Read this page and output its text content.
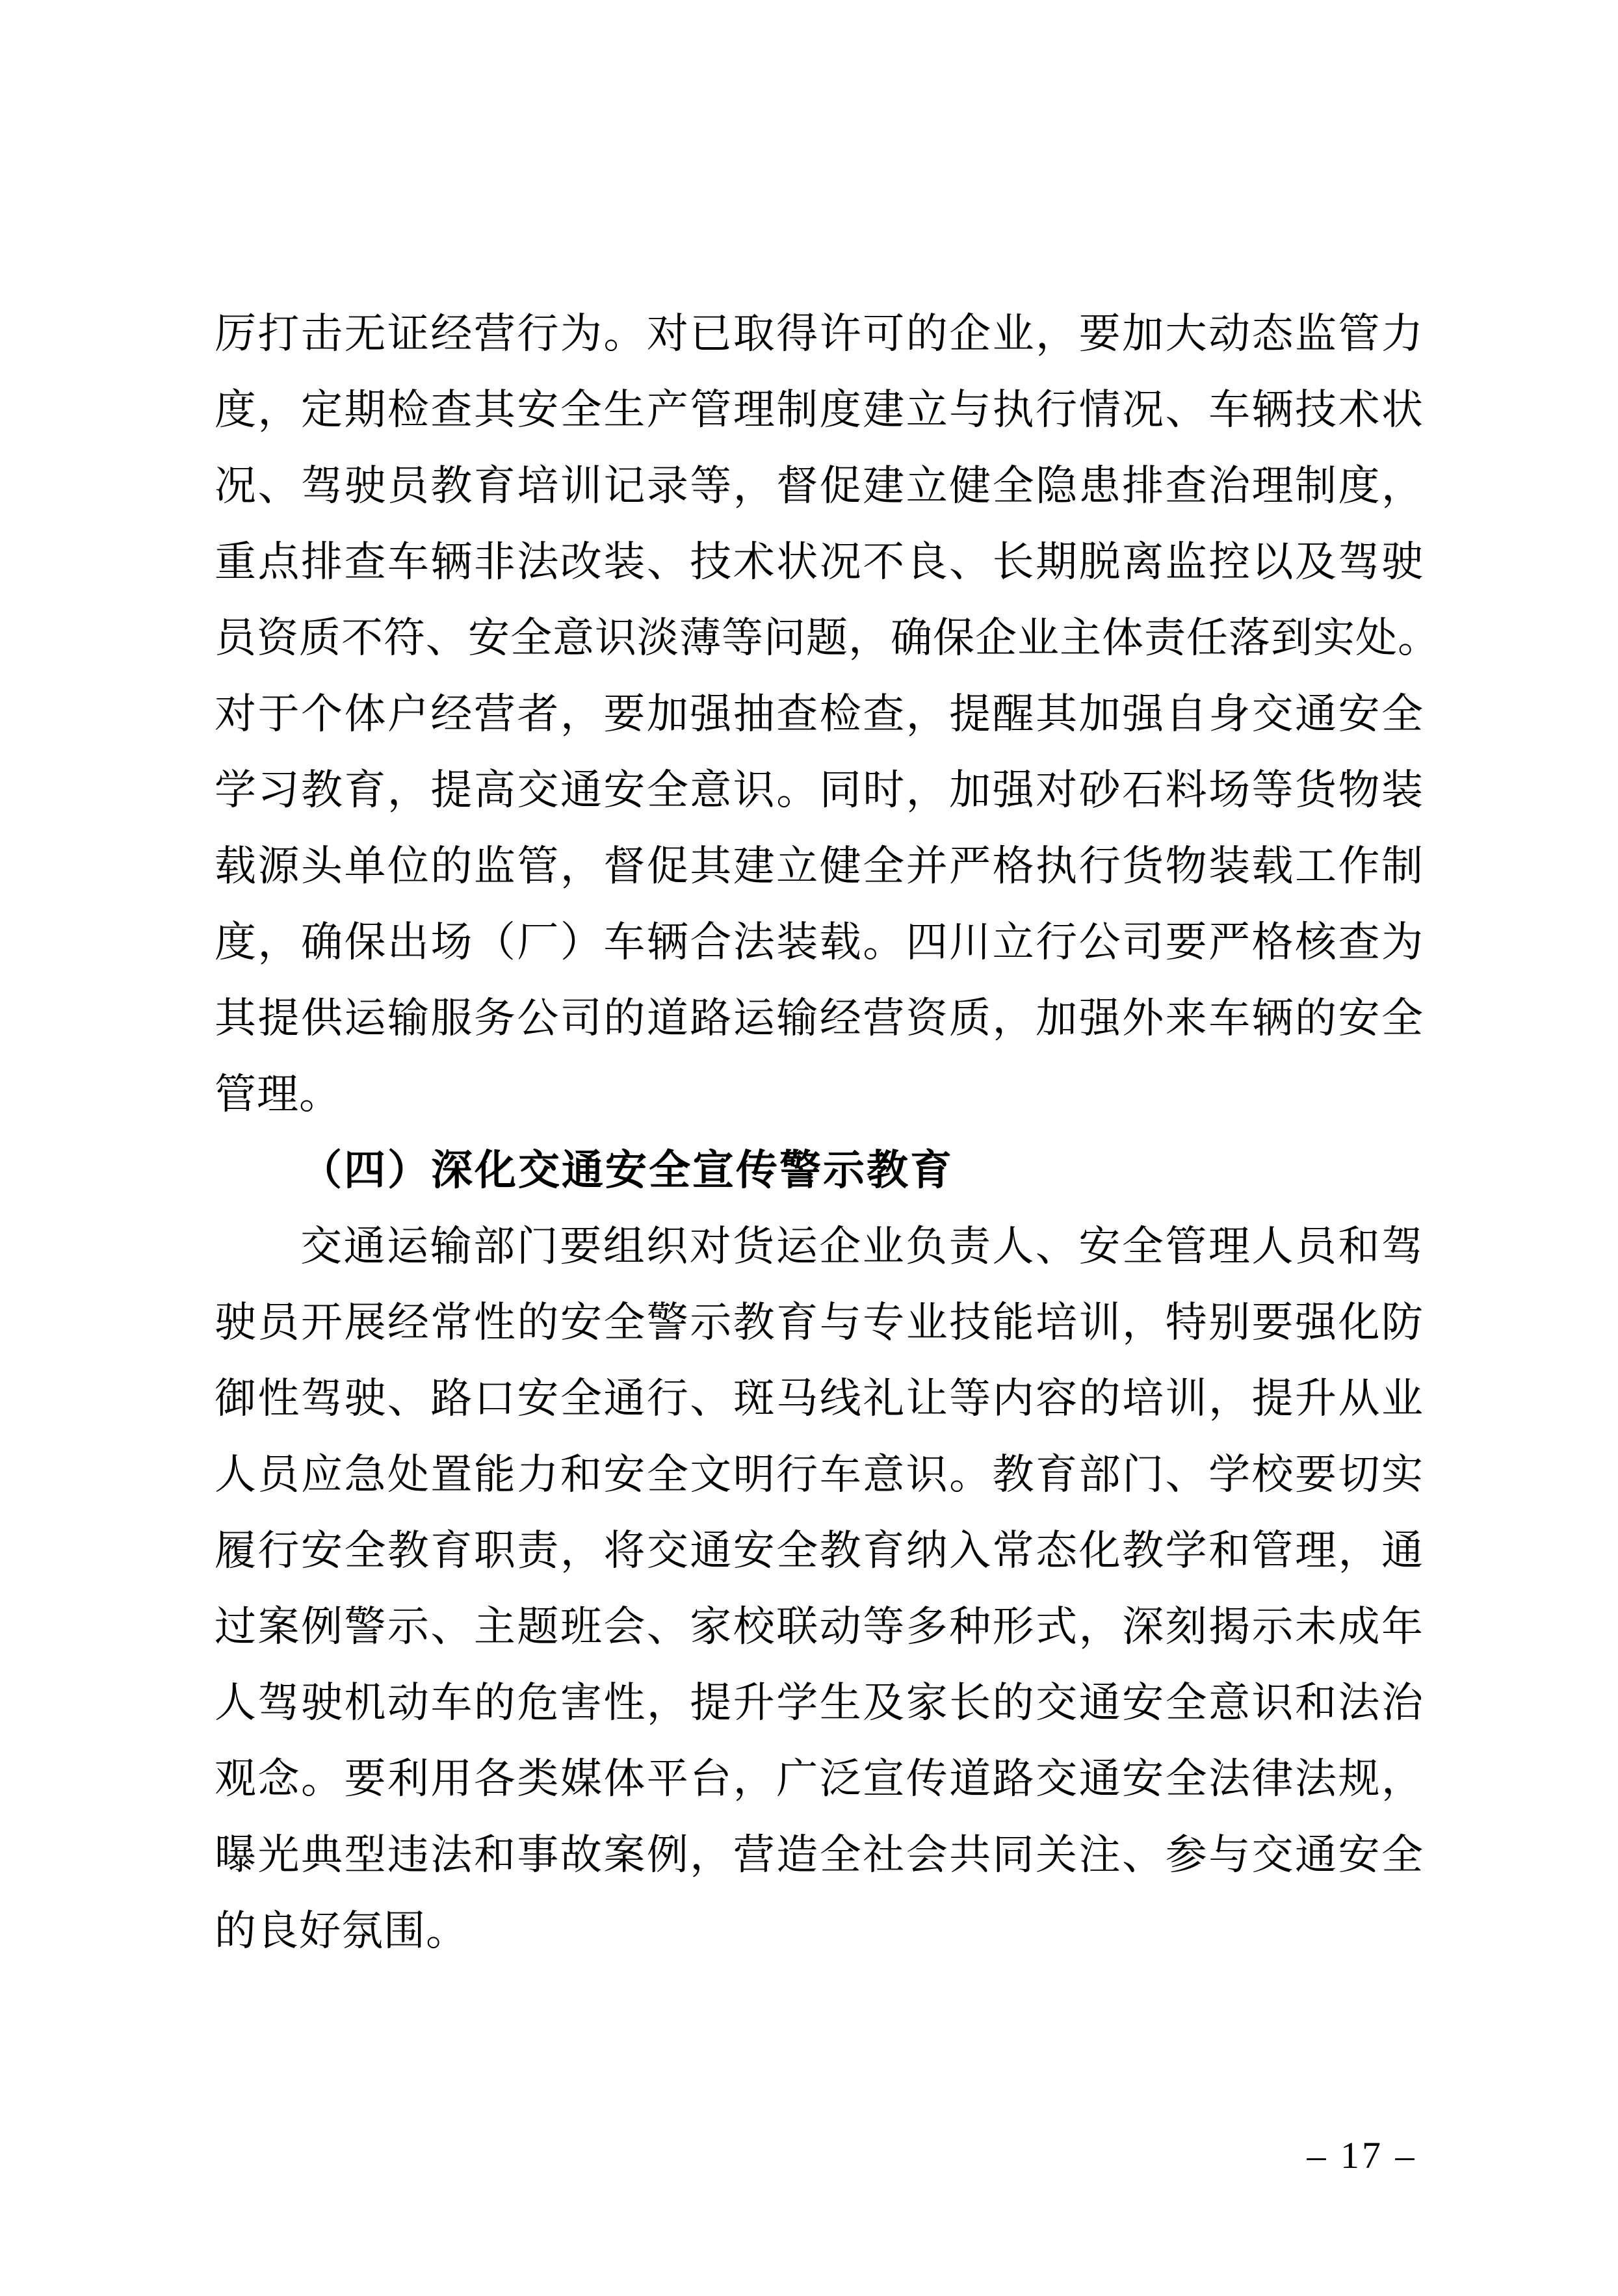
厉打击无证经营行为。对已取得许可的企业，要加大动态监管力
度，定期检查其安全生产管理制度建立与执行情况、车辆技术状
况、驾驶员教育培训记录等，督促建立健全隐患排查治理制度，
重点排查车辆非法改装、技术状况不良、长期脱离监控以及驾驶
员资质不符、安全意识淡薄等问题，确保企业主体责任落到实处。
对于个体户经营者，要加强抽查检查，提醒其加强自身交通安全
学习教育，提高交通安全意识。同时，加强对砂石料场等货物装
载源头单位的监管，督促其建立健全并严格执行货物装载工作制
度，确保出场（厂）车辆合法装载。四川立行公司要严格核查为
其提供运输服务公司的道路运输经营资质，加强外来车辆的安全
管理。
（四）深化交通安全宣传警示教育
交通运输部门要组织对货运企业负责人、安全管理人员和驾
驶员开展经常性的安全警示教育与专业技能培训，特别要强化防
御性驾驶、路口安全通行、斑马线礼让等内容的培训，提升从业
人员应急处置能力和安全文明行车意识。教育部门、学校要切实
履行安全教育职责，将交通安全教育纳入常态化教学和管理，通
过案例警示、主题班会、家校联动等多种形式，深刻揭示未成年
人驾驶机动车的危害性，提升学生及家长的交通安全意识和法治
观念。要利用各类媒体平台，广泛宣传道路交通安全法律法规，
曝光典型违法和事故案例，营造全社会共同关注、参与交通安全
的良好氛围。
– 17 –
